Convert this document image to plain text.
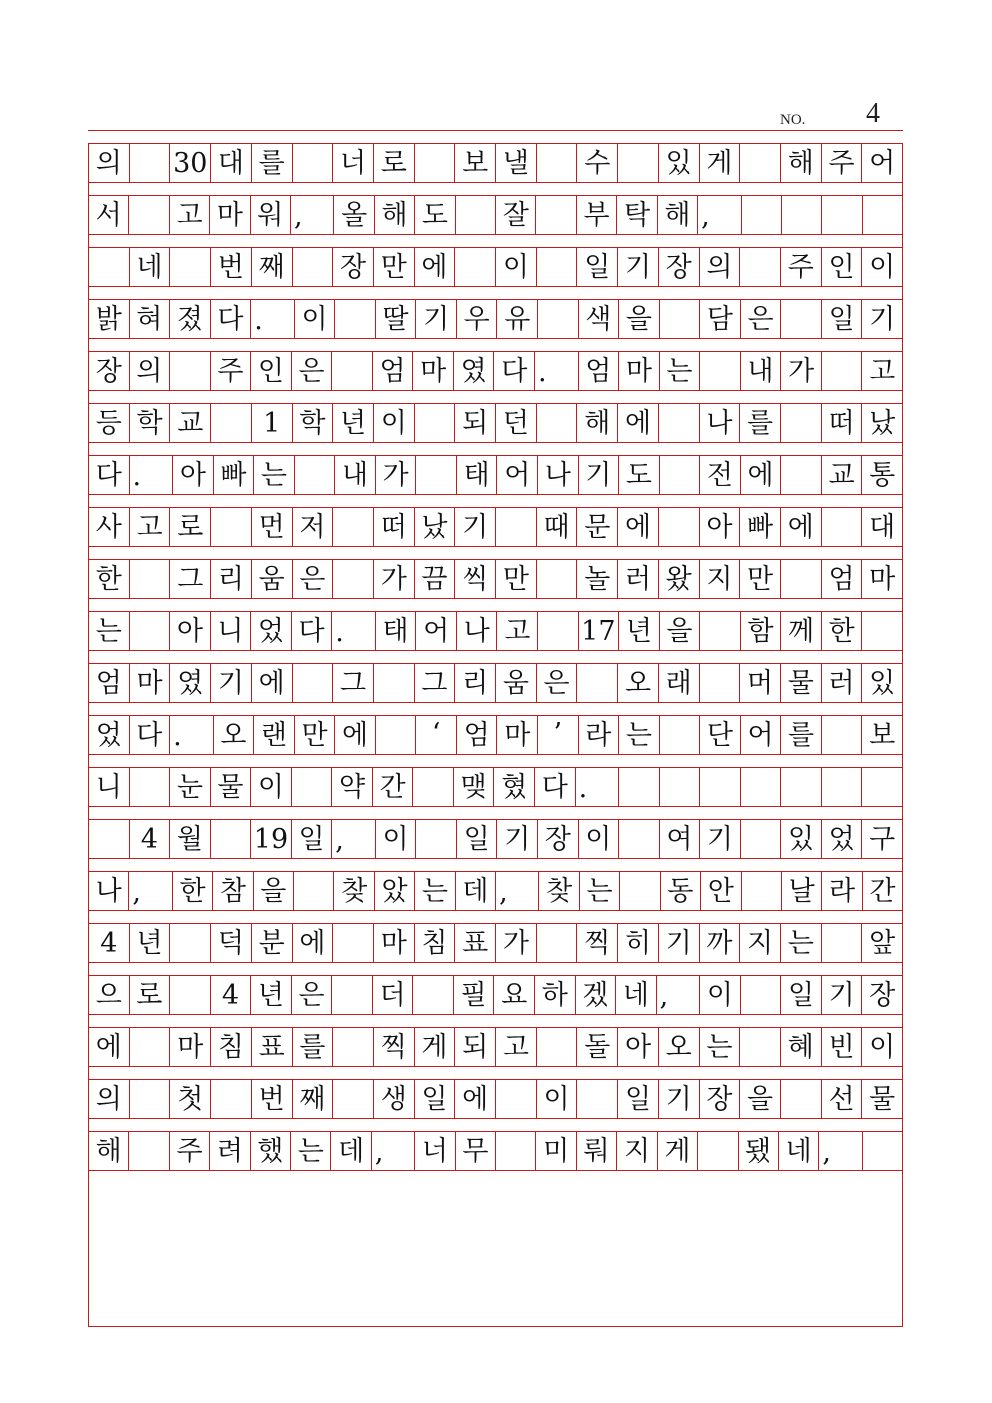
NO. 4
의 30 대 를 너 로 보 낼 수 있 게 해 주 어
서 고 마 워 ,	올 해 도 잘 부 탁 해 ,
네 번 째 장 만 에 이 일 기 장 의 주 인 이
밝 혀 졌 다 .	이 딸 기 우 유 색 을 담 은 일 기
장 의 주 인 은 엄 마 였 다 .	엄 마 는 내 가 고
등 학 교	1 학 년 이 되 던 해 에 나 를 떠 났
다 .	아 빠 는 내 가 태 어 나 기 도 전 에 교 통
사 고 로 먼 저 떠 났 기 때 문 에 아 빠 에 대
한 그 리 움 은 가 끔 씩 만 놀 러 왔 지 만 엄 마
는 아 니 었 다 .	태 어 나 고 17 년 을 함 께 한
엄 마 였 기 에 그 그 리 움 은 오 래 머 물 러 있
었 다 .	오 랜 만 에	‘ 엄 마 ’ 라 는 단 어 를 보
니 눈 물 이 약 간 맺 혔 다 .
4 월 19 일 ,	이 일 기 장 이 여 기 있 었 구
나 ,	한 참 을 찾 았 는 데 ,	찾 는 동 안 날 라 간
4 년 덕 분 에 마 침 표 가 찍 히 기 까 지 는 앞
으 로	4 년 은 더 필 요 하 겠 네 ,	이 일 기 장
에 마 침 표 를 찍 게 되 고 돌 아 오 는 혜 빈 이
의 첫 번 째 생 일 에 이 일 기 장 을 선 물
해 주 려 했 는 데 ,	너 무 미 뤄 지 게 됐 네 ,
